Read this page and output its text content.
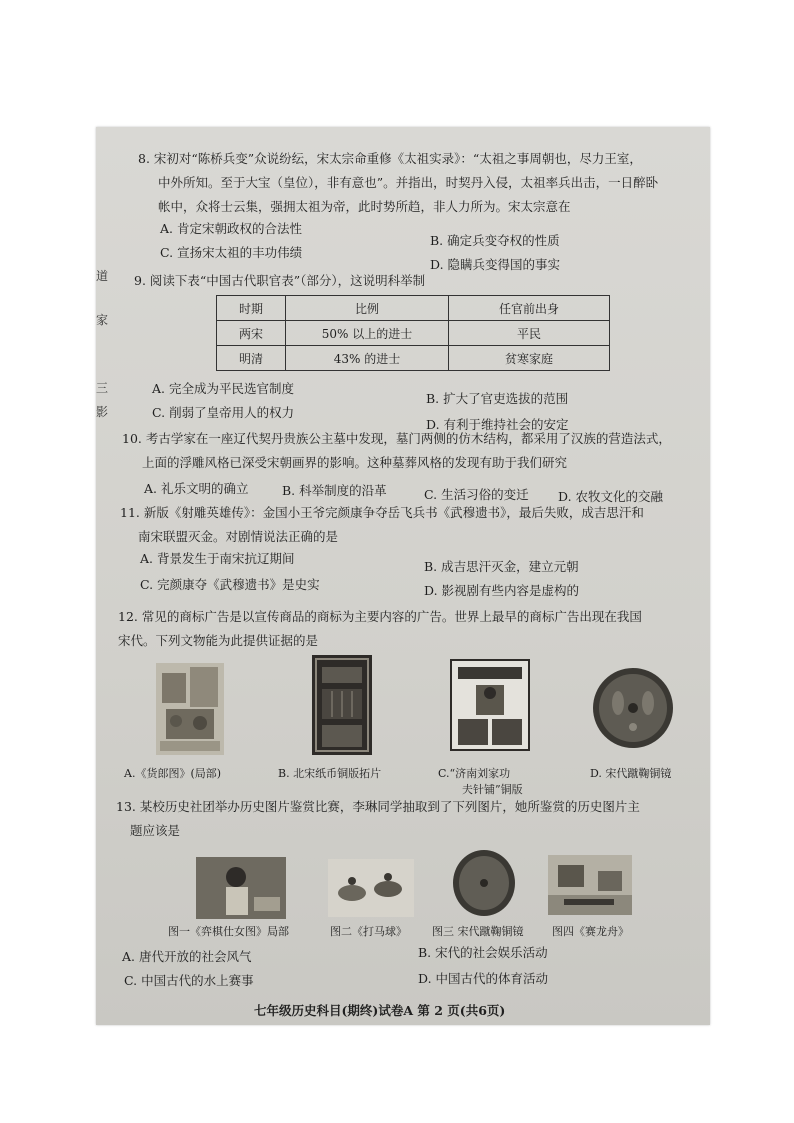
道
家
三
影
8. 宋初对“陈桥兵变”众说纷纭，宋太宗命重修《太祖实录》：“太祖之事周朝也，尽力王室，
中外所知。至于大宝（皇位），非有意也”。并指出，时契丹入侵，太祖率兵出击，一日醉卧
帐中，众将士云集，强拥太祖为帝，此时势所趋，非人力所为。宋太宗意在
A. 肯定宋朝政权的合法性
B. 确定兵变夺权的性质
C. 宣扬宋太祖的丰功伟绩
D. 隐瞒兵变得国的事实
9. 阅读下表“中国古代职官表”（部分），这说明科举制
时期	比例	任官前出身
两宋	50% 以上的进士	平民
明清	43% 的进士	贫寒家庭
A. 完全成为平民选官制度
B. 扩大了官吏选拔的范围
C. 削弱了皇帝用人的权力
D. 有利于维持社会的安定
10. 考古学家在一座辽代契丹贵族公主墓中发现，墓门两侧的仿木结构，都采用了汉族的营造法式，
上面的浮雕风格已深受宋朝画界的影响。这种墓葬风格的发现有助于我们研究
A. 礼乐文明的确立	B. 科举制度的沿革	C. 生活习俗的变迁 D. 农牧文化的交融
11. 新版《射雕英雄传》：金国小王爷完颜康争夺岳飞兵书《武穆遗书》，最后失败，成吉思汗和
南宋联盟灭金。对剧情说法正确的是
A. 背景发生于南宋抗辽期间
B. 成吉思汗灭金，建立元朝
C. 完颜康夺《武穆遗书》是史实	D. 影视剧有些内容是虚构的
12. 常见的商标广告是以宣传商品的商标为主要内容的广告。世界上最早的商标广告出现在我国
宋代。下列文物能为此提供证据的是
A.《货郎图》(局部)	B. 北宋纸币铜版拓片	C.“济南刘家功
夫针铺”铜版
D. 宋代蹴鞠铜镜
13. 某校历史社团举办历史图片鉴赏比赛，李琳同学抽取到了下列图片，她所鉴赏的历史图片主
题应该是
图一《弈棋仕女图》局部	图二《打马球》 图三 宋代蹴鞠铜镜	图四《赛龙舟》
A. 唐代开放的社会风气	B. 宋代的社会娱乐活动
C. 中国古代的水上赛事	D. 中国古代的体育活动
七年级历史科目(期终)试卷A 第 2 页(共6页)
